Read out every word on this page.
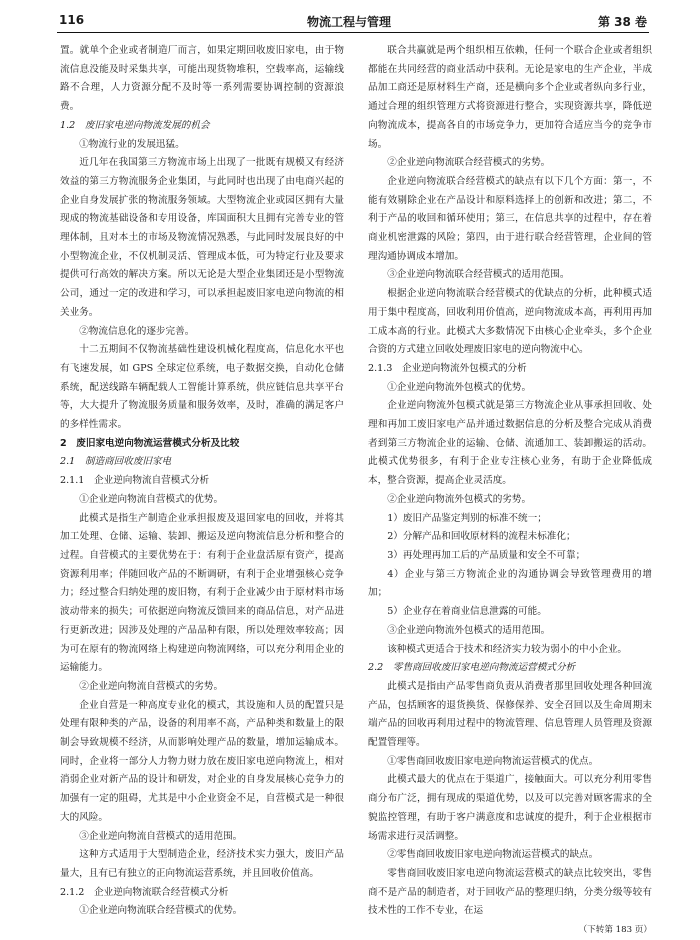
116	物流工程与管理	第 38 卷

置。就单个企业或者制造厂而言，如果定期回收废旧家电，由于物流信息没能及时采集共享，可能出现货物堆积，空载率高，运输线路不合理，人力资源分配不及时等一系列需要协调控制的资源浪费。

1.2　废旧家电逆向物流发展的机会

①物流行业的发展迅猛。

近几年在我国第三方物流市场上出现了一批既有规模又有经济效益的第三方物流服务企业集团，与此同时也出现了由电商兴起的企业自身发展扩张的物流服务领域。大型物流企业或园区拥有大量现成的物流基础设备和专用设备，库国面积大且拥有完善专业的管理体制，且对本土的市场及物流情况熟悉，与此同时发展良好的中小型物流企业，不仅机制灵活、管理成本低，可为特定行业及要求提供可行高效的解决方案。所以无论是大型企业集团还是小型物流公司，通过一定的改进和学习，可以承担起废旧家电逆向物流的相关业务。

②物流信息化的逐步完善。

十二五期间不仅物流基础性建设机械化程度高，信息化水平也有飞速发展，如 GPS 全球定位系统，电子数据交换，自动化仓储系统，配送线路车辆配载人工智能计算系统，供应链信息共享平台等，大大提升了物流服务质量和服务效率，及时，准确的满足客户的多样性需求。

2　废旧家电逆向物流运营模式分析及比较

2.1　制造商回收废旧家电

2.1.1　企业逆向物流自营模式分析

①企业逆向物流自营模式的优势。

此模式是指生产制造企业承担报废及退回家电的回收，并将其加工处理、仓储、运输、装卸、搬运及逆向物流信息分析和整合的过程。自营模式的主要优势在于：有利于企业盘活原有资产，提高资源利用率；伴随回收产品的不断调研，有利于企业增强核心竞争力；经过整合归纳处理的废旧物，有利于企业减少由于原材料市场波动带来的损失；可依据逆向物流反馈回来的商品信息，对产品进行更新改进；因涉及处理的产品品种有限，所以处理效率较高；因为可在原有的物流网络上构建逆向物流网络，可以充分利用企业的运输能力。

②企业逆向物流自营模式的劣势。

企业自营是一种高度专业化的模式，其设施和人员的配置只是处理有限种类的产品，设备的利用率不高，产品种类和数量上的限制会导致规模不经济，从而影响处理产品的数量，增加运输成本。同时，企业将一部分人力物力财力放在废旧家电逆向物流上，相对消弱企业对新产品的设计和研发，对企业的自身发展核心竞争力的加强有一定的阻碍，尤其是中小企业资金不足，自营模式是一种很大的风险。

③企业逆向物流自营模式的适用范围。

这种方式适用于大型制造企业，经济技术实力强大，废旧产品量大，且有已有独立的正向物流运营系统，并且回收价值高。

2.1.2　企业逆向物流联合经营模式分析

①企业逆向物流联合经营模式的优势。

联合共赢就是两个组织相互依赖，任何一个联合企业或者组织都能在共同经营的商业活动中获利。无论是家电的生产企业，半成品加工商还是原材料生产商，还是横向多个企业或者纵向多行业，通过合理的组织管理方式将资源进行整合，实现资源共享，降低逆向物流成本，提高各自的市场竞争力，更加符合适应当今的竞争市场。

②企业逆向物流联合经营模式的劣势。

企业逆向物流联合经营模式的缺点有以下几个方面：第一，不能有效剔除企业在产品设计和原料选择上的创新和改进；第二，不利于产品的收回和循环使用；第三，在信息共享的过程中，存在着商业机密泄露的风险；第四，由于进行联合经营管理，企业间的管理沟通协调成本增加。

③企业逆向物流联合经营模式的适用范围。

根据企业逆向物流联合经营模式的优缺点的分析，此种模式适用于集中程度高，回收利用价值高，逆向物流成本高，再利用再加工成本高的行业。此模式大多数情况下由核心企业牵头，多个企业合资的方式建立回收处理废旧家电的逆向物流中心。

2.1.3　企业逆向物流外包模式的分析

①企业逆向物流外包模式的优势。

企业逆向物流外包模式就是第三方物流企业从事承担回收、处理和再加工废旧家电产品并通过数据信息的分析及整合完成从消费者到第三方物流企业的运输、仓储、流通加工、装卸搬运的活动。此模式优势很多，有利于企业专注核心业务，有助于企业降低成本，整合资源，提高企业灵活度。

②企业逆向物流外包模式的劣势。

1）废旧产品鉴定判别的标准不统一；

2）分解产品和回收原材料的流程未标准化；

3）再处理再加工后的产品质量和安全不可靠；

4）企业与第三方物流企业的沟通协调会导致管理费用的增加；

5）企业存在着商业信息泄露的可能。

③企业逆向物流外包模式的适用范围。

该种模式更适合于技术和经济实力较为弱小的中小企业。

2.2　零售商回收废旧家电逆向物流运营模式分析

此模式是指由产品零售商负责从消费者那里回收处理各种回流产品，包括顾客的退货换货、保修保养、安全召回以及生命周期末端产品的回收再利用过程中的物流管理、信息管理人员管理及资源配置管理等。

①零售商回收废旧家电逆向物流运营模式的优点。

此模式最大的优点在于渠道广，接触面大。可以充分利用零售商分布广泛，拥有现成的渠道优势，以及可以完善对顾客需求的全貌监控管理，有助于客户满意度和忠诚度的提升，利于企业根据市场需求进行灵活调整。

②零售商回收废旧家电逆向物流运营模式的缺点。

零售商回收废旧家电逆向物流运营模式的缺点比较突出，零售商不是产品的制造者，对于回收产品的整理归纳，分类分级等较有技术性的工作不专业，在运

（下转第 183 页）
